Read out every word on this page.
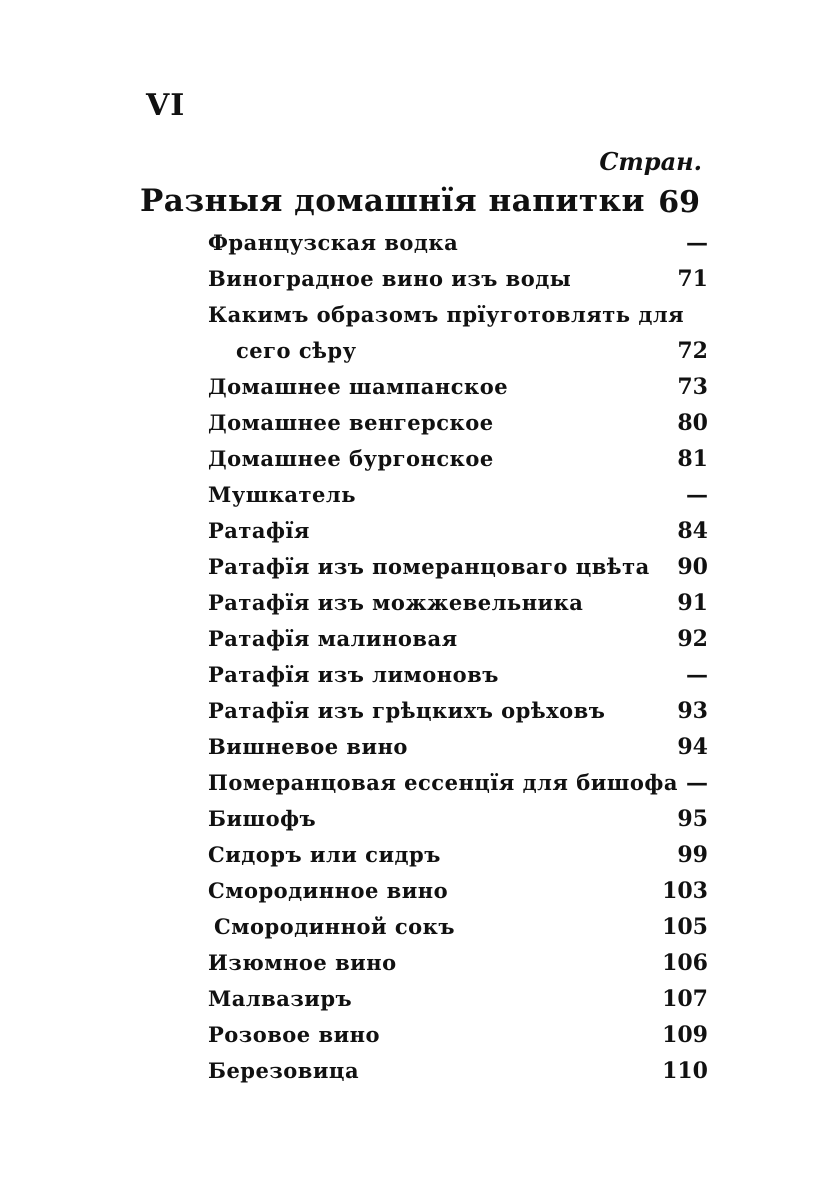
VI
Стран.
Разныя домашнїя напитки 69
Французская водка	—
Виноградное вино изъ воды	71
Какимъ образомъ прїуготовлять для
сего сѣру	72
Домашнее шампанское	73
Домашнее венгерское	80
Домашнее бургонское	81
Мушкатель	—
Ратафїя	84
Ратафїя изъ померанцоваго цвѣта 90
Ратафїя изъ можжевельника	91
Ратафїя малиновая	92
Ратафїя изъ лимоновъ	—
Ратафїя изъ грѣцкихъ орѣховъ	93
Вишневое вино	94
Померанцовая ессенцїя для бишофа —
Бишофъ	95
Сидоръ или сидръ	99
Смородинное вино	103
Смородинной сокъ	105
Изюмное вино	106
Малвазиръ	107
Розовое вино	109
Березовица	110
